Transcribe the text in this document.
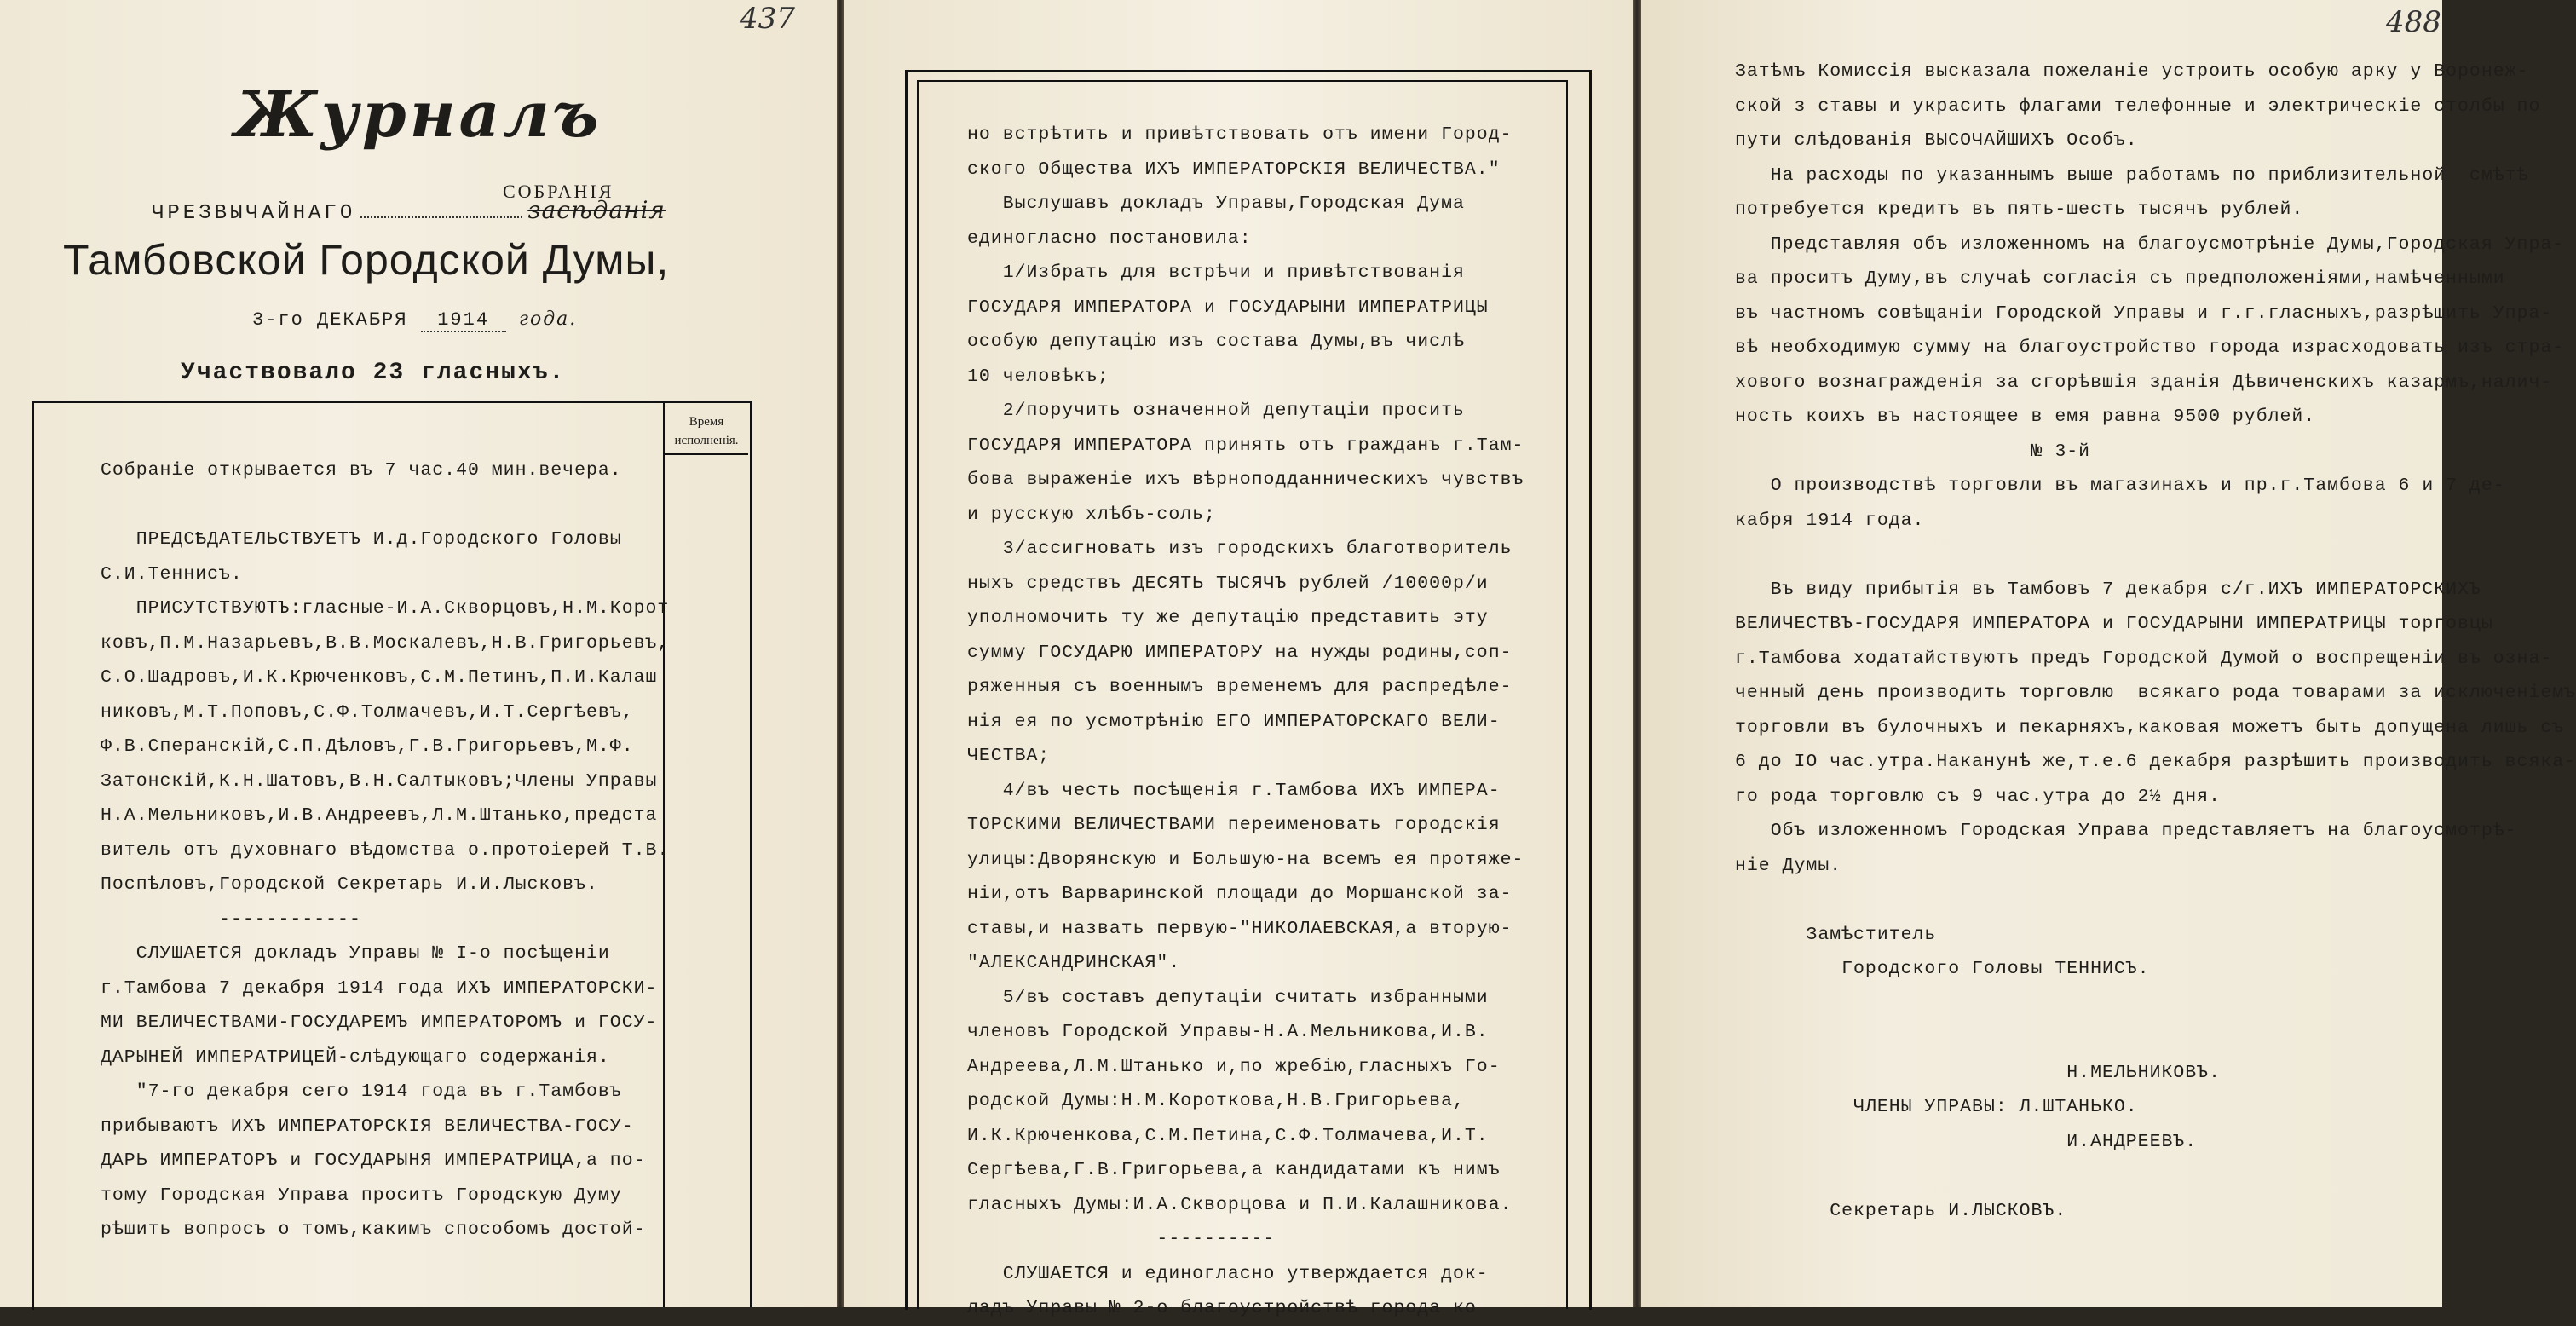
437
Журналъ
СОБРАНІЯ
ЧРЕЗВЫЧАЙНАГО	засѣданія
Тамбовской Городской Думы,
3-го ДЕКАБРЯ 1914 года.
Участвовало 23 гласныхъ.
Время
исполненія.
Собраніе открывается въ 7 час.40 мин.вечера.
ПРЕДСѢДАТЕЛЬСТВУЕТЪ И.д.Городского Головы
С.И.Теннисъ.
ПРИСУТСТВУЮТЪ:гласные-И.А.Скворцовъ,Н.М.Корот
ковъ,П.М.Назарьевъ,В.В.Москалевъ,Н.В.Григорьевъ,
С.О.Шадровъ,И.К.Крюченковъ,С.М.Петинъ,П.И.Калаш
никовъ,М.Т.Поповъ,С.Ф.Толмачевъ,И.Т.Сергѣевъ,
Ф.В.Сперанскій,С.П.Дѣловъ,Г.В.Григорьевъ,М.Ф.
Затонскій,К.Н.Шатовъ,В.Н.Салтыковъ;Члены Управы
Н.А.Мельниковъ,И.В.Андреевъ,Л.М.Штанько,предста
витель отъ духовнаго вѣдомства о.протоіерей Т.В.
Поспѣловъ,Городской Секретарь И.И.Лысковъ.
------------
СЛУШАЕТСЯ докладъ Управы № I-о посѣщеніи
г.Тамбова 7 декабря 1914 года ИХЪ ИМПЕРАТОРСКИ-
МИ ВЕЛИЧЕСТВАМИ-ГОСУДАРЕМЪ ИМПЕРАТОРОМЪ и ГОСУ-
ДАРЫНЕЙ ИМПЕРАТРИЦЕЙ-слѣдующаго содержанія.
"7-го декабря сего 1914 года въ г.Тамбовъ
прибываютъ ИХЪ ИМПЕРАТОРСКІЯ ВЕЛИЧЕСТВА-ГОСУ-
ДАРЬ ИМПЕРАТОРЪ и ГОСУДАРЫНЯ ИМПЕРАТРИЦА,а по-
тому Городская Управа проситъ Городскую Думу
рѣшить вопросъ о томъ,какимъ способомъ достой-
но встрѣтить и привѣтствовать отъ имени Город-
ского Общества ИХЪ ИМПЕРАТОРСКІЯ ВЕЛИЧЕСТВА."
Выслушавъ докладъ Управы,Городская Дума
единогласно постановила:
1/Избрать для встрѣчи и привѣтствованія
ГОСУДАРЯ ИМПЕРАТОРА и ГОСУДАРЫНИ ИМПЕРАТРИЦЫ
особую депутацію изъ состава Думы,въ числѣ
10 человѣкъ;
2/поручить означенной депутаціи просить
ГОСУДАРЯ ИМПЕРАТОРА принять отъ гражданъ г.Там-
бова выраженіе ихъ вѣрноподданническихъ чувствъ
и русскую хлѣбъ-соль;
3/ассигновать изъ городскихъ благотворитель
ныхъ средствъ ДЕСЯТЬ ТЫСЯЧЪ рублей /10000р/и
уполномочить ту же депутацію представить эту
сумму ГОСУДАРЮ ИМПЕРАТОРУ на нужды родины,соп-
ряженныя съ военнымъ временемъ для распредѣле-
нія ея по усмотрѣнію ЕГО ИМПЕРАТОРСКАГО ВЕЛИ-
ЧЕСТВА;
4/въ честь посѣщенія г.Тамбова ИХЪ ИМПЕРА-
ТОРСКИМИ ВЕЛИЧЕСТВАМИ переименовать городскія
улицы:Дворянскую и Большую-на всемъ ея протяже-
ніи,отъ Варваринской площади до Моршанской за-
ставы,и назвать первую-"НИКОЛАЕВСКАЯ,а вторую-
"АЛЕКСАНДРИНСКАЯ".
5/въ составъ депутаціи считать избранными
членовъ Городской Управы-Н.А.Мельникова,И.В.
Андреева,Л.М.Штанько и,по жребію,гласныхъ Го-
родской Думы:Н.М.Короткова,Н.В.Григорьева,
И.К.Крюченкова,С.М.Петина,С.Ф.Толмачева,И.Т.
Сергѣева,Г.В.Григорьева,а кандидатами къ нимъ
гласныхъ Думы:И.А.Скворцова и П.И.Калашникова.
----------
СЛУШАЕТСЯ и единогласно утверждается док-
ладъ Управы № 2-о благоустройствѣ города ко
488
Затѣмъ Комиссія высказала пожеланіе устроить особую арку у Воронеж-
ской з ставы и украсить флагами телефонные и электрическіе столбы по
пути слѣдованія ВЫСОЧАЙШИХЪ Особъ.
На расходы по указаннымъ выше работамъ по приблизительной  смѣтѣ
потребуется кредитъ въ пять-шесть тысячъ рублей.
Представляя объ изложенномъ на благоусмотрѣніе Думы,Городская Упра-
ва проситъ Думу,въ случаѣ согласія съ предположеніями,намѣченными
въ частномъ совѣщаніи Городской Управы и г.г.гласныхъ,разрѣшить Упра-
вѣ необходимую сумму на благоустройство города израсходовать изъ стра-
хового вознагражденія за сгорѣвшія зданія Дѣвиченскихъ казармъ,налич-
ность коихъ въ настоящее в емя равна 9500 рублей.
№ 3-й
О производствѣ торговли въ магазинахъ и пр.г.Тамбова 6 и 7 де-
кабря 1914 года.
Въ виду прибытія въ Тамбовъ 7 декабря с/г.ИХЪ ИМПЕРАТОРСКИХЪ
ВЕЛИЧЕСТВЪ-ГОСУДАРЯ ИМПЕРАТОРА и ГОСУДАРЫНИ ИМПЕРАТРИЦЫ торговцы
г.Тамбова ходатайствуютъ предъ Городской Думой о воспрещеніи въ озна-
ченный день производить торговлю  всякаго рода товарами за исключеніемъ
торговли въ булочныхъ и пекарняхъ,каковая можетъ быть допущена лишь съ
6 до IO час.утра.Наканунѣ же,т.е.6 декабря разрѣшить производить всяка-
го рода торговлю съ 9 час.утра до 2½ дня.
Объ изложенномъ Городская Управа представляетъ на благоусмотрѣ-
ніе Думы.
Замѣститель
Городского Головы ТЕННИСЪ.
Н.МЕЛЬНИКОВЪ.
ЧЛЕНЫ УПРАВЫ: Л.ШТАНЬКО.
И.АНДРЕЕВЪ.
Секретарь И.ЛЫСКОВЪ.
